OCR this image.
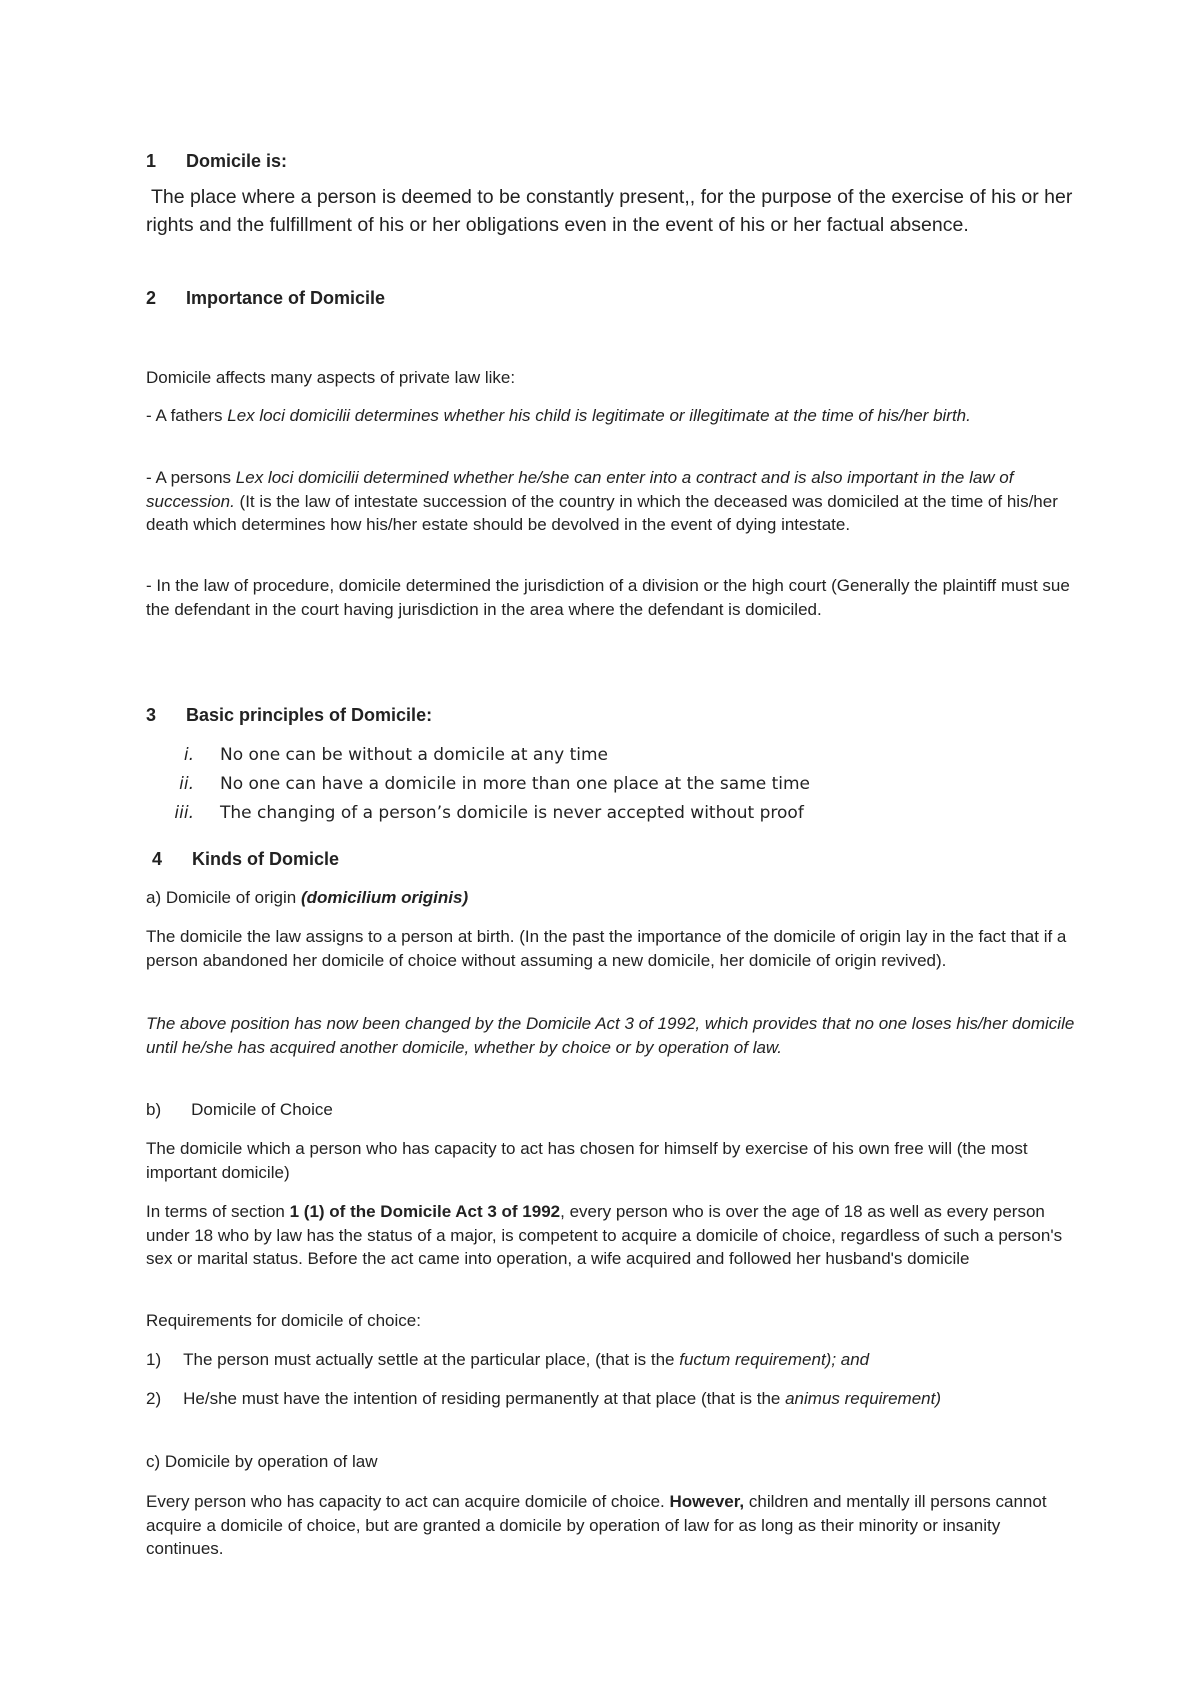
1 Domicile is:

The place where a person is deemed to be constantly present,, for the purpose of the exercise of his or her rights and the fulfillment of his or her obligations even in the event of his or her factual absence.

2 Importance of Domicile

Domicile affects many aspects of private law like:

- A fathers Lex loci domicilii determines whether his child is legitimate or illegitimate at the time of his/her birth.

- A persons Lex loci domicilii determined whether he/she can enter into a contract and is also important in the law of succession. (It is the law of intestate succession of the country in which the deceased was domiciled at the time of his/her death which determines how his/her estate should be devolved in the event of dying intestate.

- In the law of procedure, domicile determined the jurisdiction of a division or the high court (Generally the plaintiff must sue the defendant in the court having jurisdiction in the area where the defendant is domiciled.

3 Basic principles of Domicile:
i. No one can be without a domicile at any time
ii. No one can have a domicile in more than one place at the same time
iii. The changing of a person’s domicile is never accepted without proof
4 Kinds of Domicle

a) Domicile of origin (domicilium originis)

The domicile the law assigns to a person at birth. (In the past the importance of the domicile of origin lay in the fact that if a person abandoned her domicile of choice without assuming a new domicile, her domicile of origin revived).

The above position has now been changed by the Domicile Act 3 of 1992, which provides that no one loses his/her domicile until he/she has acquired another domicile, whether by choice or by operation of law.

b) Domicile of Choice

The domicile which a person who has capacity to act has chosen for himself by exercise of his own free will (the most important domicile)

In terms of section 1 (1) of the Domicile Act 3 of 1992, every person who is over the age of 18 as well as every person under 18 who by law has the status of a major, is competent to acquire a domicile of choice, regardless of such a person's sex or marital status. Before the act came into operation, a wife acquired and followed her husband's domicile

Requirements for domicile of choice:

1) The person must actually settle at the particular place, (that is the fuctum requirement); and

2) He/she must have the intention of residing permanently at that place (that is the animus requirement)

c) Domicile by operation of law

Every person who has capacity to act can acquire domicile of choice. However, children and mentally ill persons cannot acquire a domicile of choice, but are granted a domicile by operation of law for as long as their minority or insanity continues.
